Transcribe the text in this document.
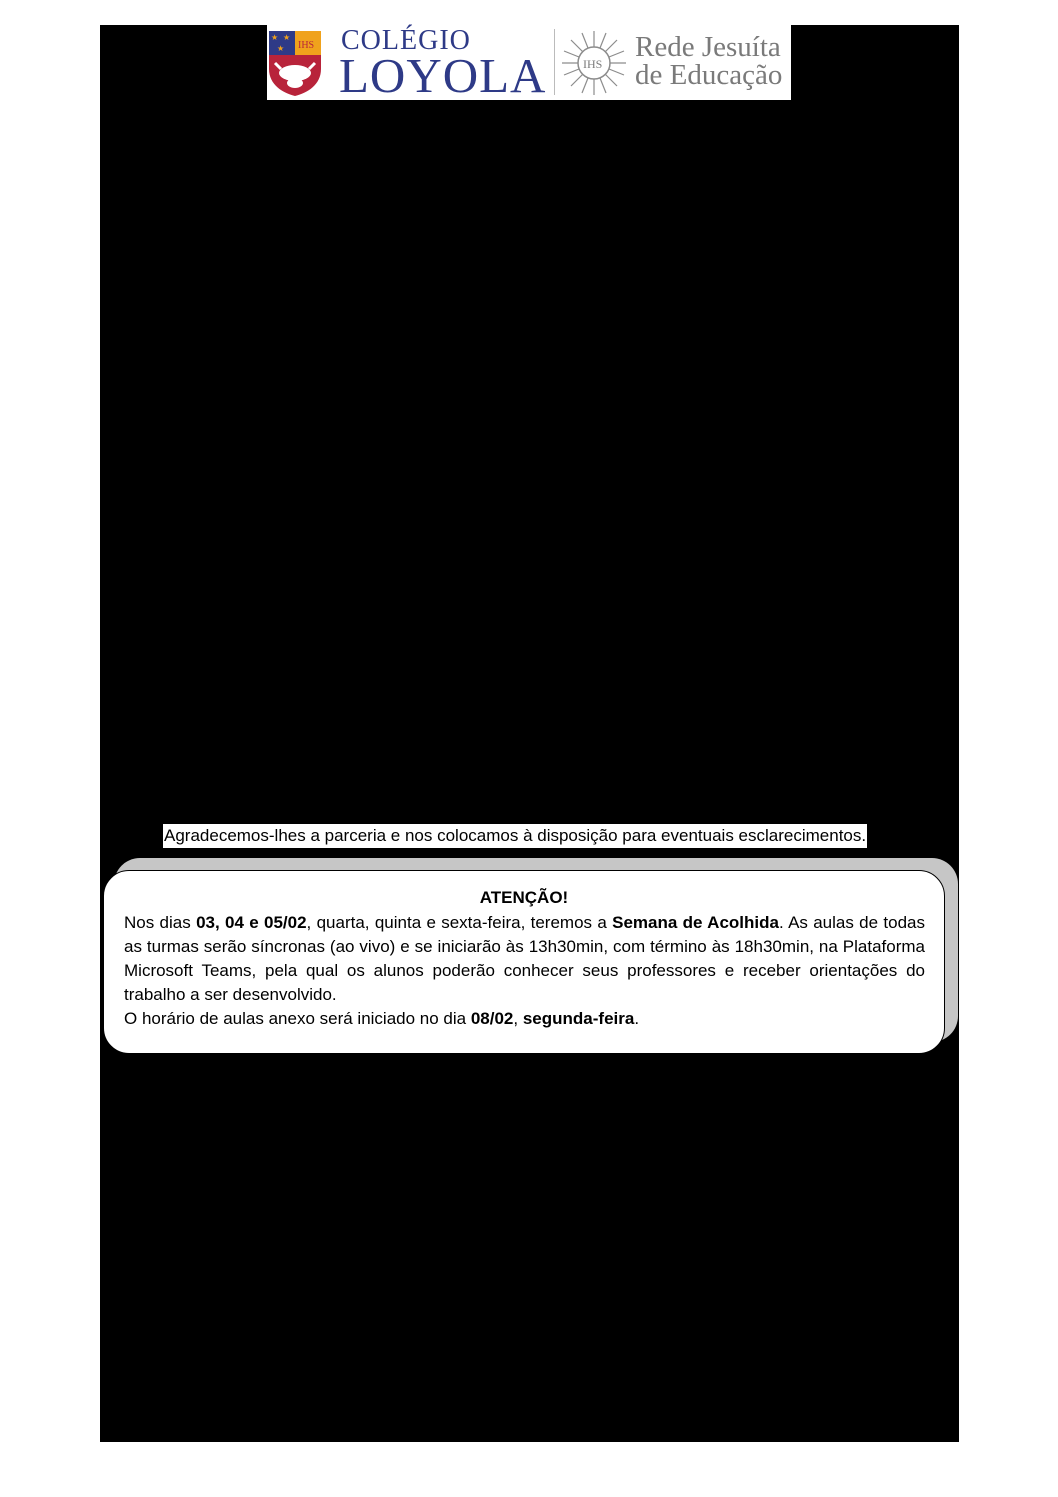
★ ★
★ IHS COLÉGIO
LOYOLA	IHS
Rede Jesuíta
de Educação
Agradecemos-lhes a parceria e nos colocamos à disposição para eventuais esclarecimentos.
ATENÇÃO!

Nos dias 03, 04 e 05/02, quarta, quinta e sexta-feira, teremos a Semana de Acolhida. As aulas de todas as turmas serão síncronas (ao vivo) e se iniciarão às 13h30min, com término às 18h30min, na Plataforma Microsoft Teams, pela qual os alunos poderão conhecer seus professores e receber orientações do trabalho a ser desenvolvido.

O horário de aulas anexo será iniciado no dia 08/02, segunda-feira.
